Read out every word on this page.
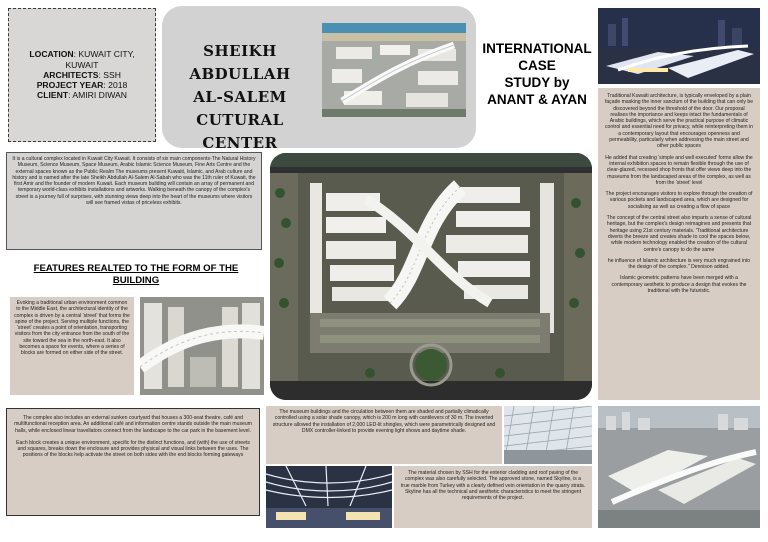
LOCATION: KUWAIT CITY, KUWAIT

ARCHITECTS: SSH

PROJECT YEAR: 2018

CLIENT: AMIRI DIWAN

SHEIKH ABDULLAH
AL-SALEM CUTURAL
CENTER
INTERNATIONAL
CASE
STUDY by
ANANT & AYAN
It is a cultural complex located in Kuwait City Kuwait. It consists of six main components-The Natural History Museum, Science Museum, Space Museum, Arabic Islamic Science Museum, Fine Arts Centre and the external spaces known as the Public Realm The museums present Kuwaiti, Islamic, and Arab culture and history and is named after the late Sheikh Abdullah Al-Salem Al-Sabah who was the 11th ruler of Kuwait, the first Amir and the founder of modern Kuwait. Each museum building will contain an array of permanent and temporary world-class exhibits installations and artworks. Walking beneath the canopy of the complex's street is a journey full of surprises, with stunning views deep into the heart of the museums where visitors will see framed vistas of priceless exhibits.

Traditional Kuwaiti architecture, is typically enveloped by a plain façade masking the inner sanctum of the building that can only be discovered beyond the threshold of the door. Our proposal realises the importance and keeps intact the fundamentals of Arabic buildings, which serve the practical purpose of climatic control and essential need for privacy, while reinterpreting them in a contemporary layout that encourages openness and permeability, particularly when addressing the main street and other public spaces

He added that creating 'simple and well executed' forms allow the internal exhibition spaces to remain flexible through the use of clear-glazed, recessed shop fronts that offer views deep into the museums from the landscaped areas of the complex, as well as from the 'street' level

The project encourages visitors to explore through the creation of various pockets and landscaped area, which are designed for socialising as well as creating a flow of space

The concept of the central street also imparts a sense of cultural heritage, but the complex's design reimagines and presents that heritage using 21st century materials. 'Traditional architecture diverts the breeze and creates shade to cool the spaces below, while modern technology enabled the creation of the cultural centre's canopy to do the same

he influence of Islamic architecture is very much engrained into the design of the complex." Dennison added.

Islamic geometric patterns have been merged with a contemporary aesthetic to produce a design that evokes the traditional with the futuristic.

FEATURES REALTED TO THE FORM OF THE BUILDING
Evoking a traditional urban environment common to the Middle East, the architectural identity of the complex is driven by a central 'street' that forms the spine of the project. Serving multiple functions, the 'street' creates a point of orientation, transporting visitors from the city entrance from the south of the site toward the sea in the north-east. It also becomes a space for events, where a series of blocks are formed on either side of the street.

The complex also includes an external sunken courtyard that houses a 300-seat theatre, café and multifunctional reception area. An additional café and information centre stands outside the main museum halls, while enclosed linear travellators connect from the landscape to the car park in the basement level.

Each block creates a unique environment, specific for the distinct functions, and (with) the use of streets and squares, breaks down the enclosure and provides physical and visual links between the uses. The positions of the blocks help activate the street on both sides with the end blocks forming gateways

The museum buildings and the circulation between them are shaded and partially climatically controlled using a solar shade canopy, which is 200 m long with cantilevers of 30 m. The inverted structure allowed the installation of 2,000 LED-lit shingles, which were parametrically designed and DMX controller-linked to provide evening light shows and daytime shade.
The material chosen by SSH for the exterior cladding and roof paving of the complex was also carefully selected. The approved stone, named Skyline, is a true marble from Turkey with a clearly defined vein orientation in the quarry strata. Skyline has all the technical and aesthetic characteristics to meet the stringent requirements of the project.
